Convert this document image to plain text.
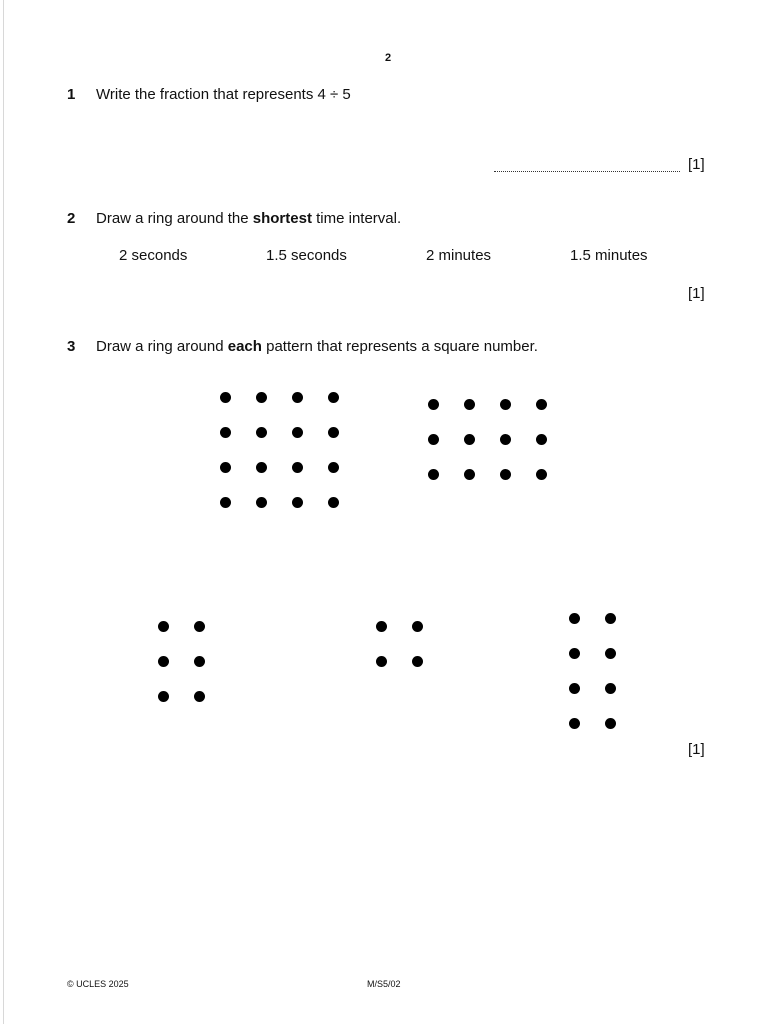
2
1 Write the fraction that represents 4 ÷ 5
[1]
2 Draw a ring around the shortest time interval.
2 seconds	1.5 seconds	2 minutes	1.5 minutes
[1]
3 Draw a ring around each pattern that represents a square number.
[1]
© UCLES 2025	M/S5/02
